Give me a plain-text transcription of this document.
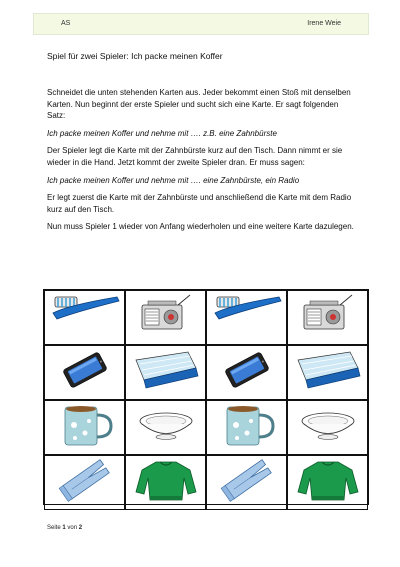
AS	Irene Weie
Spiel für zwei Spieler: Ich packe meinen Koffer

Schneidet die unten stehenden Karten aus. Jeder bekommt einen Stoß mit denselben Karten. Nun beginnt der erste Spieler und sucht sich eine Karte. Er sagt folgenden Satz:

Ich packe meinen Koffer und nehme mit …. z.B. eine Zahnbürste

Der Spieler legt die Karte mit der Zahnbürste kurz auf den Tisch. Dann nimmt er sie wieder in die Hand. Jetzt kommt der zweite Spieler dran. Er muss sagen:

Ich packe meinen Koffer und nehme mit …. eine Zahnbürste, ein Radio

Er legt zuerst die Karte mit der Zahnbürste und anschließend die Karte mit dem Radio kurz auf den Tisch.

Nun muss Spieler 1 wieder von Anfang wiederholen und eine weitere Karte dazulegen.

Seite 1 von 2
